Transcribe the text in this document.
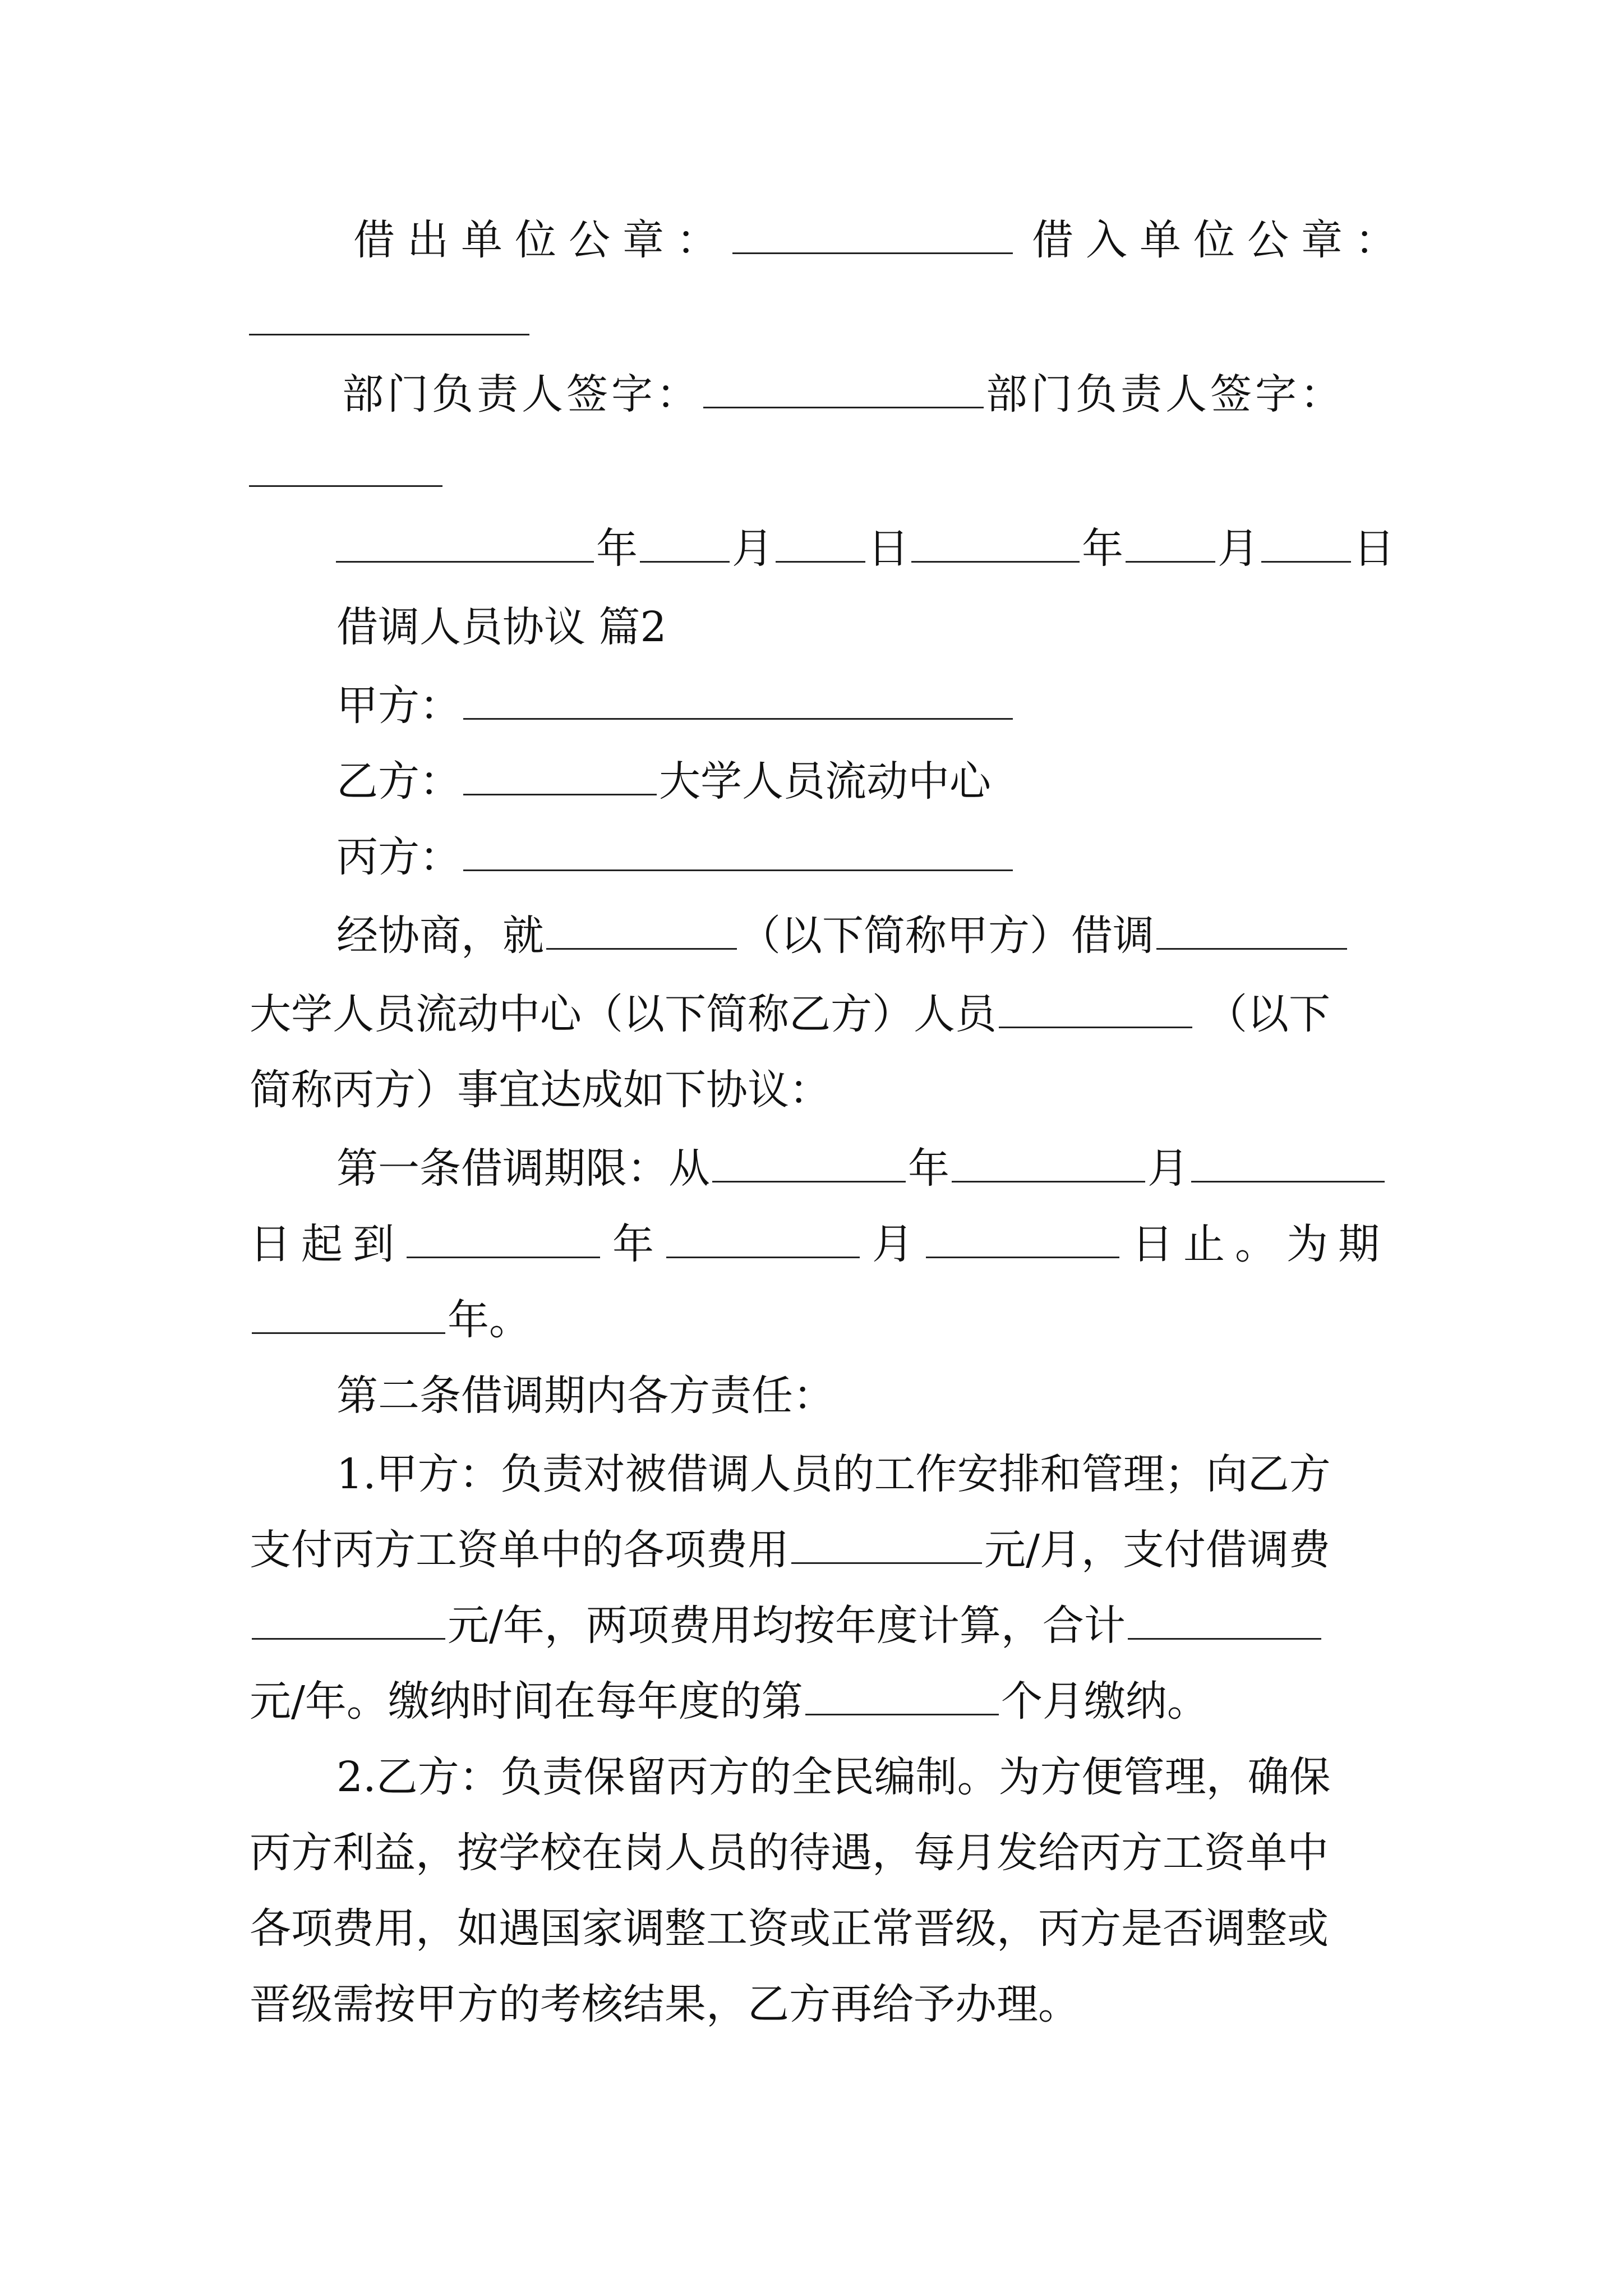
借出单位公章：	借入单位公章：
部门负责人签字：	部门负责人签字：
年 月 日	年 月 日
借调人员协议 篇2
甲方：
乙方：	大学人员流动中心
丙方：
经协商，就	（以下简称甲方）借调
大学人员流动中心（以下简称乙方）人员	（以下
简称丙方）事宜达成如下协议：
第一条借调期限：从	年	月
日起到	年	月	日止。为期
年。
第二条借调期内各方责任：
1.甲方：负责对被借调人员的工作安排和管理；向乙方
支付丙方工资单中的各项费用	元/月，支付借调费
元/年，两项费用均按年度计算，合计
元/年。缴纳时间在每年度的第	个月缴纳。
2.乙方：负责保留丙方的全民编制。为方便管理，确保
丙方利益，按学校在岗人员的待遇，每月发给丙方工资单中
各项费用，如遇国家调整工资或正常晋级，丙方是否调整或
晋级需按甲方的考核结果，乙方再给予办理。
